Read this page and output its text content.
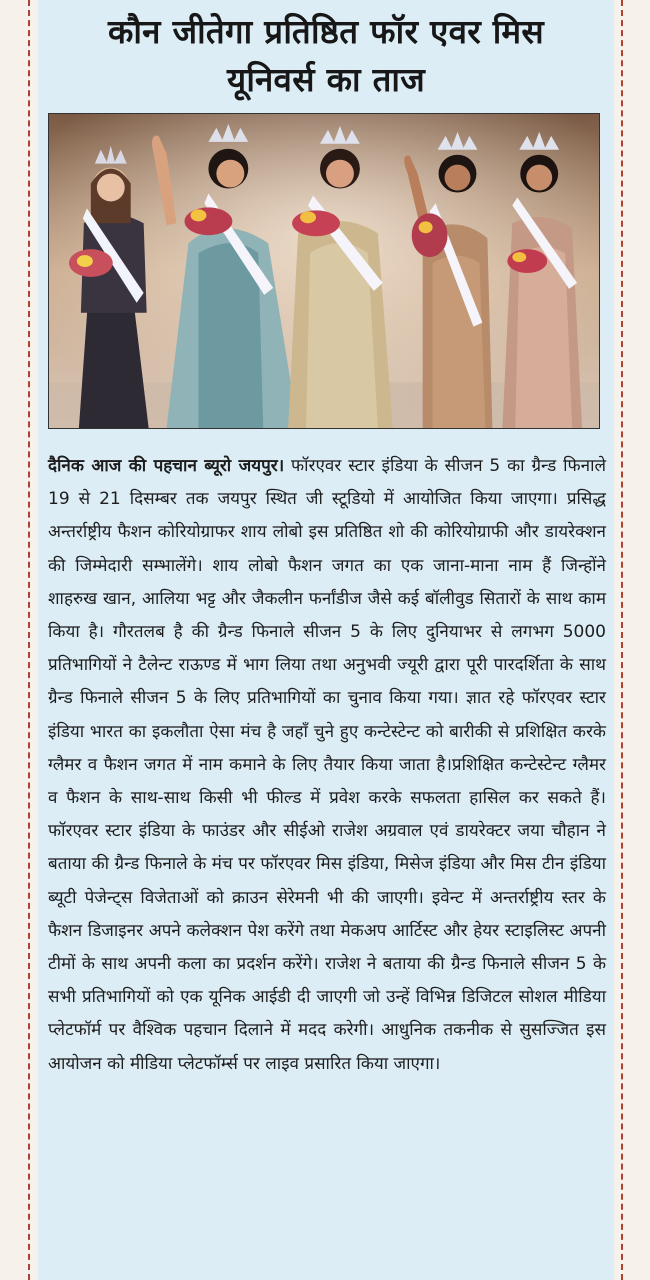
कौन जीतेगा प्रतिष्ठित फॉर एवर मिस
यूनिवर्स का ताज

दैनिक आज की पहचान ब्यूरो जयपुर। फॉरएवर स्टार इंडिया के सीजन 5 का ग्रैन्ड फिनाले 19 से 21 दिसम्बर तक जयपुर स्थित जी स्टूडियो में आयोजित किया जाएगा। प्रसिद्ध अन्तर्राष्ट्रीय फैशन कोरियोग्राफर शाय लोबो इस प्रतिष्ठित शो की कोरियोग्राफी और डायरेक्शन की जिम्मेदारी सम्भालेंगे। शाय लोबो फैशन जगत का एक जाना-माना नाम हैं जिन्होंने शाहरुख खान, आलिया भट्ट और जैकलीन फर्नांडीज जैसे कई बॉलीवुड सितारों के साथ काम किया है। गौरतलब है की ग्रैन्ड फिनाले सीजन 5 के लिए दुनियाभर से लगभग 5000 प्रतिभागियों ने टैलेन्ट राऊण्ड में भाग लिया तथा अनुभवी ज्यूरी द्वारा पूरी पारदर्शिता के साथ ग्रैन्ड फिनाले सीजन 5 के लिए प्रतिभागियों का चुनाव किया गया। ज्ञात रहे फॉरएवर स्टार इंडिया भारत का इकलौता ऐसा मंच है जहाँ चुने हुए कन्टेस्टेन्ट को बारीकी से प्रशिक्षित करके ग्लैमर व फैशन जगत में नाम कमाने के लिए तैयार किया जाता है।प्रशिक्षित कन्टेस्टेन्ट ग्लैमर व फैशन के साथ-साथ किसी भी फील्ड में प्रवेश करके सफलता हासिल कर सकते हैं। फॉरएवर स्टार इंडिया के फाउंडर और सीईओ राजेश अग्रवाल एवं डायरेक्टर जया चौहान ने बताया की ग्रैन्ड फिनाले के मंच पर फॉरएवर मिस इंडिया, मिसेज इंडिया और मिस टीन इंडिया ब्यूटी पेजेन्ट्स विजेताओं को क्राउन सेरेमनी भी की जाएगी। इवेन्ट में अन्तर्राष्ट्रीय स्तर के फैशन डिजाइनर अपने कलेक्शन पेश करेंगे तथा मेकअप आर्टिस्ट और हेयर स्टाइलिस्ट अपनी टीमों के साथ अपनी कला का प्रदर्शन करेंगे। राजेश ने बताया की ग्रैन्ड फिनाले सीजन 5 के सभी प्रतिभागियों को एक यूनिक आईडी दी जाएगी जो उन्हें विभिन्न डिजिटल सोशल मीडिया प्लेटफॉर्म पर वैश्विक पहचान दिलाने में मदद करेगी। आधुनिक तकनीक से सुसज्जित इस आयोजन को मीडिया प्लेटफॉर्म्स पर लाइव प्रसारित किया जाएगा।
